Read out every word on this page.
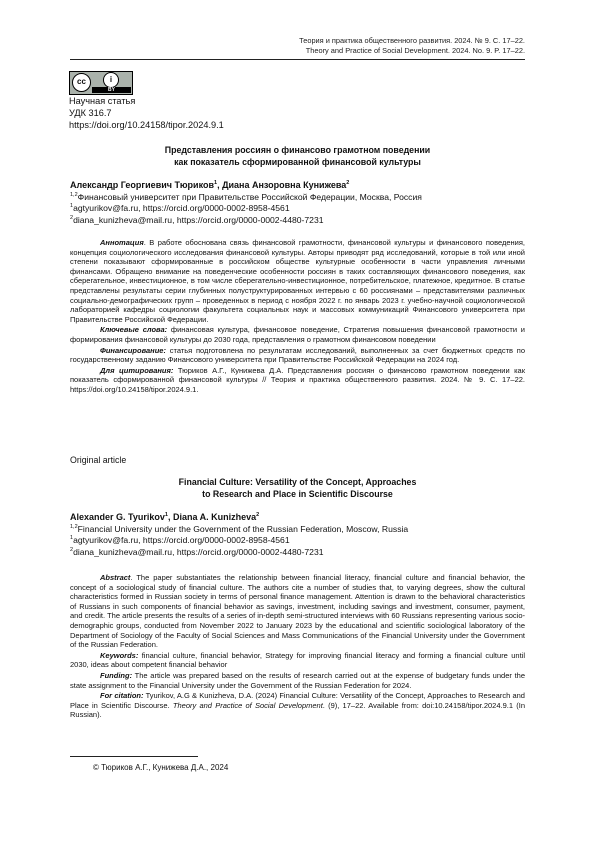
Теория и практика общественного развития. 2024. № 9. С. 17–22.
Theory and Practice of Social Development. 2024. No. 9. P. 17–22.
cc	i
BY
Научная статья
УДК 316.7
https://doi.org/10.24158/tipor.2024.9.1
Представления россиян о финансово грамотном поведении
как показатель сформированной финансовой культуры
Александр Георгиевич Тюриков$^1$, Диана Анзоровна Кунижева$^2$
$^{1,2}$Финансовый университет при Правительстве Российской Федерации, Москва, Россия
$^1$agtyurikov@fa.ru, https://orcid.org/0000-0002-8958-4561
$^2$diana_kunizheva@mail.ru, https://orcid.org/0000-0002-4480-7231

Аннотация. В работе обоснована связь финансовой грамотности, финансовой культуры и финансового поведения, концепция социологического исследования финансовой культуры. Авторы приводят ряд исследований, которые в той или иной степени показывают сформированные в российском обществе культурные особенности в части управления личными финансами. Обращено внимание на поведенческие особенности россиян в таких составляющих финансового поведения, как сберегательное, инвестиционное, в том числе сберегательно-инвестиционное, потребительское, платежное, кредитное. В статье представлены результаты серии глубинных полуструктурированных интервью с 60 россиянами – представителями различных социально-демографических групп – проведенных в период с ноября 2022 г. по январь 2023 г. учебно-научной социологической лабораторией кафедры социологии факультета социальных наук и массовых коммуникаций Финансового университета при Правительстве Российской Федерации.

Ключевые слова: финансовая культура, финансовое поведение, Стратегия повышения финансовой грамотности и формирования финансовой культуры до 2030 года, представления о грамотном финансовом поведении

Финансирование: статья подготовлена по результатам исследований, выполненных за счет бюджетных средств по государственному заданию Финансового университета при Правительстве Российской Федерации на 2024 год.

Для цитирования: Тюриков А.Г., Кунижева Д.А. Представления россиян о финансово грамотном поведении как показатель сформированной финансовой культуры // Теория и практика общественного развития. 2024. № 9. С. 17–22. https://doi.org/10.24158/tipor.2024.9.1.

Original article
Financial Culture: Versatility of the Concept, Approaches
to Research and Place in Scientific Discourse
Alexander G. Tyurikov$^1$, Diana A. Kunizheva$^2$
$^{1,2}$Financial University under the Government of the Russian Federation, Moscow, Russia
$^1$agtyurikov@fa.ru, https://orcid.org/0000-0002-8958-4561
$^2$diana_kunizheva@mail.ru, https://orcid.org/0000-0002-4480-7231

Abstract. The paper substantiates the relationship between financial literacy, financial culture and financial behavior, the concept of a sociological study of financial culture. The authors cite a number of studies that, to varying degrees, show the cultural characteristics formed in Russian society in terms of personal finance management. Attention is drawn to the behavioral characteristics of Russians in such components of financial behavior as savings, investment, including savings and investment, consumer, payment, and credit. The article presents the results of a series of in-depth semi-structured interviews with 60 Russians representing various socio-demographic groups, conducted from November 2022 to January 2023 by the educational and scientific sociological laboratory of the Department of Sociology of the Faculty of Social Sciences and Mass Communications of the Financial University under the Government of the Russian Federation.

Keywords: financial culture, financial behavior, Strategy for improving financial literacy and forming a financial culture until 2030, ideas about competent financial behavior

Funding: The article was prepared based on the results of research carried out at the expense of budgetary funds under the state assignment to the Financial University under the Government of the Russian Federation for 2024.

For citation: Tyurikov, A.G & Kunizheva, D.A. (2024) Financial Culture: Versatility of the Concept, Approaches to Research and Place in Scientific Discourse. Theory and Practice of Social Development. (9), 17–22. Available from: doi:10.24158/tipor.2024.9.1 (In Russian).

© Тюриков А.Г., Кунижева Д.А., 2024
